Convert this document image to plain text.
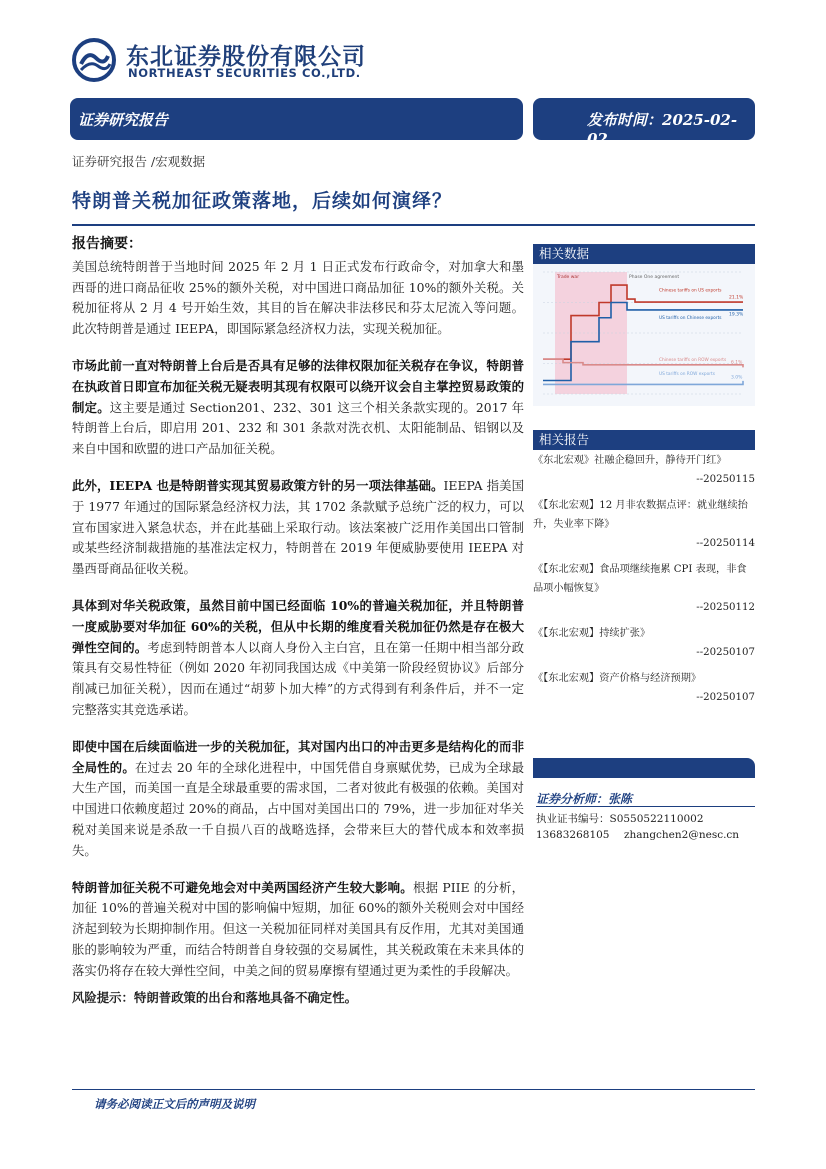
东北证券股份有限公司
NORTHEAST SECURITIES CO.,LTD.
证券研究报告	发布时间：2025-02-02
证券研究报告 /宏观数据
特朗普关税加征政策落地，后续如何演绎？
报告摘要：

美国总统特朗普于当地时间 2025 年 2 月 1 日正式发布行政命令，对加拿大和墨西哥的进口商品征收 25%的额外关税，对中国进口商品加征 10%的额外关税。关税加征将从 2 月 4 号开始生效，其目的旨在解决非法移民和芬太尼流入等问题。此次特朗普是通过 IEEPA，即国际紧急经济权力法，实现关税加征。

市场此前一直对特朗普上台后是否具有足够的法律权限加征关税存在争议，特朗普在执政首日即宣布加征关税无疑表明其现有权限可以绕开议会自主掌控贸易政策的制定。这主要是通过 Section201、232、301 这三个相关条款实现的。2017 年特朗普上台后，即启用 201、232 和 301 条款对洗衣机、太阳能制品、铝钢以及来自中国和欧盟的进口产品加征关税。

此外，IEEPA 也是特朗普实现其贸易政策方针的另一项法律基础。IEEPA 指美国于 1977 年通过的国际紧急经济权力法，其 1702 条款赋予总统广泛的权力，可以宣布国家进入紧急状态，并在此基础上采取行动。该法案被广泛用作美国出口管制或某些经济制裁措施的基准法定权力，特朗普在 2019 年便威胁要使用 IEEPA 对墨西哥商品征收关税。

具体到对华关税政策，虽然目前中国已经面临 10%的普遍关税加征，并且特朗普一度威胁要对华加征 60%的关税，但从中长期的维度看关税加征仍然是存在极大弹性空间的。考虑到特朗普本人以商人身份入主白宫，且在第一任期中相当部分政策具有交易性特征（例如 2020 年初同我国达成《中美第一阶段经贸协议》后部分削减已加征关税），因而在通过“胡萝卜加大棒”的方式得到有利条件后，并不一定完整落实其竞选承诺。

即使中国在后续面临进一步的关税加征，其对国内出口的冲击更多是结构化的而非全局性的。在过去 20 年的全球化进程中，中国凭借自身禀赋优势，已成为全球最大生产国，而美国一直是全球最重要的需求国，二者对彼此有极强的依赖。美国对中国进口依赖度超过 20%的商品，占中国对美国出口的 79%，进一步加征对华关税对美国来说是杀敌一千自损八百的战略选择，会带来巨大的替代成本和效率损失。

特朗普加征关税不可避免地会对中美两国经济产生较大影响。根据 PIIE 的分析，加征 10%的普遍关税对中国的影响偏中短期，加征 60%的额外关税则会对中国经济起到较为长期抑制作用。但这一关税加征同样对美国具有反作用，尤其对美国通胀的影响较为严重，而结合特朗普自身较强的交易属性，其关税政策在未来具体的落实仍将存在较大弹性空间，中美之间的贸易摩擦有望通过更为柔性的手段解决。

风险提示：特朗普政策的出台和落地具备不确定性。

相关数据
Trade war	Phase One agreement
Chinese tariffs on US exports
US tariffs on Chinese exports
Chinese tariffs on ROW exports
US tariffs on ROW exports
21.1%
19.3%
6.1%
3.0%
相关报告
《东北宏观》社融企稳回升，静待开门红》
--20250115
《【东北宏观】12 月非农数据点评：就业继续抬升，失业率下降》
--20250114
《【东北宏观】食品项继续拖累 CPI 表现，非食品项小幅恢复》
--20250112
《【东北宏观】持续扩张》
--20250107
《【东北宏观】资产价格与经济预期》
--20250107
证券分析师：张陈
执业证书编号：S0550522110002
13683268105 zhangchen2@nesc.cn
请务必阅读正文后的声明及说明
